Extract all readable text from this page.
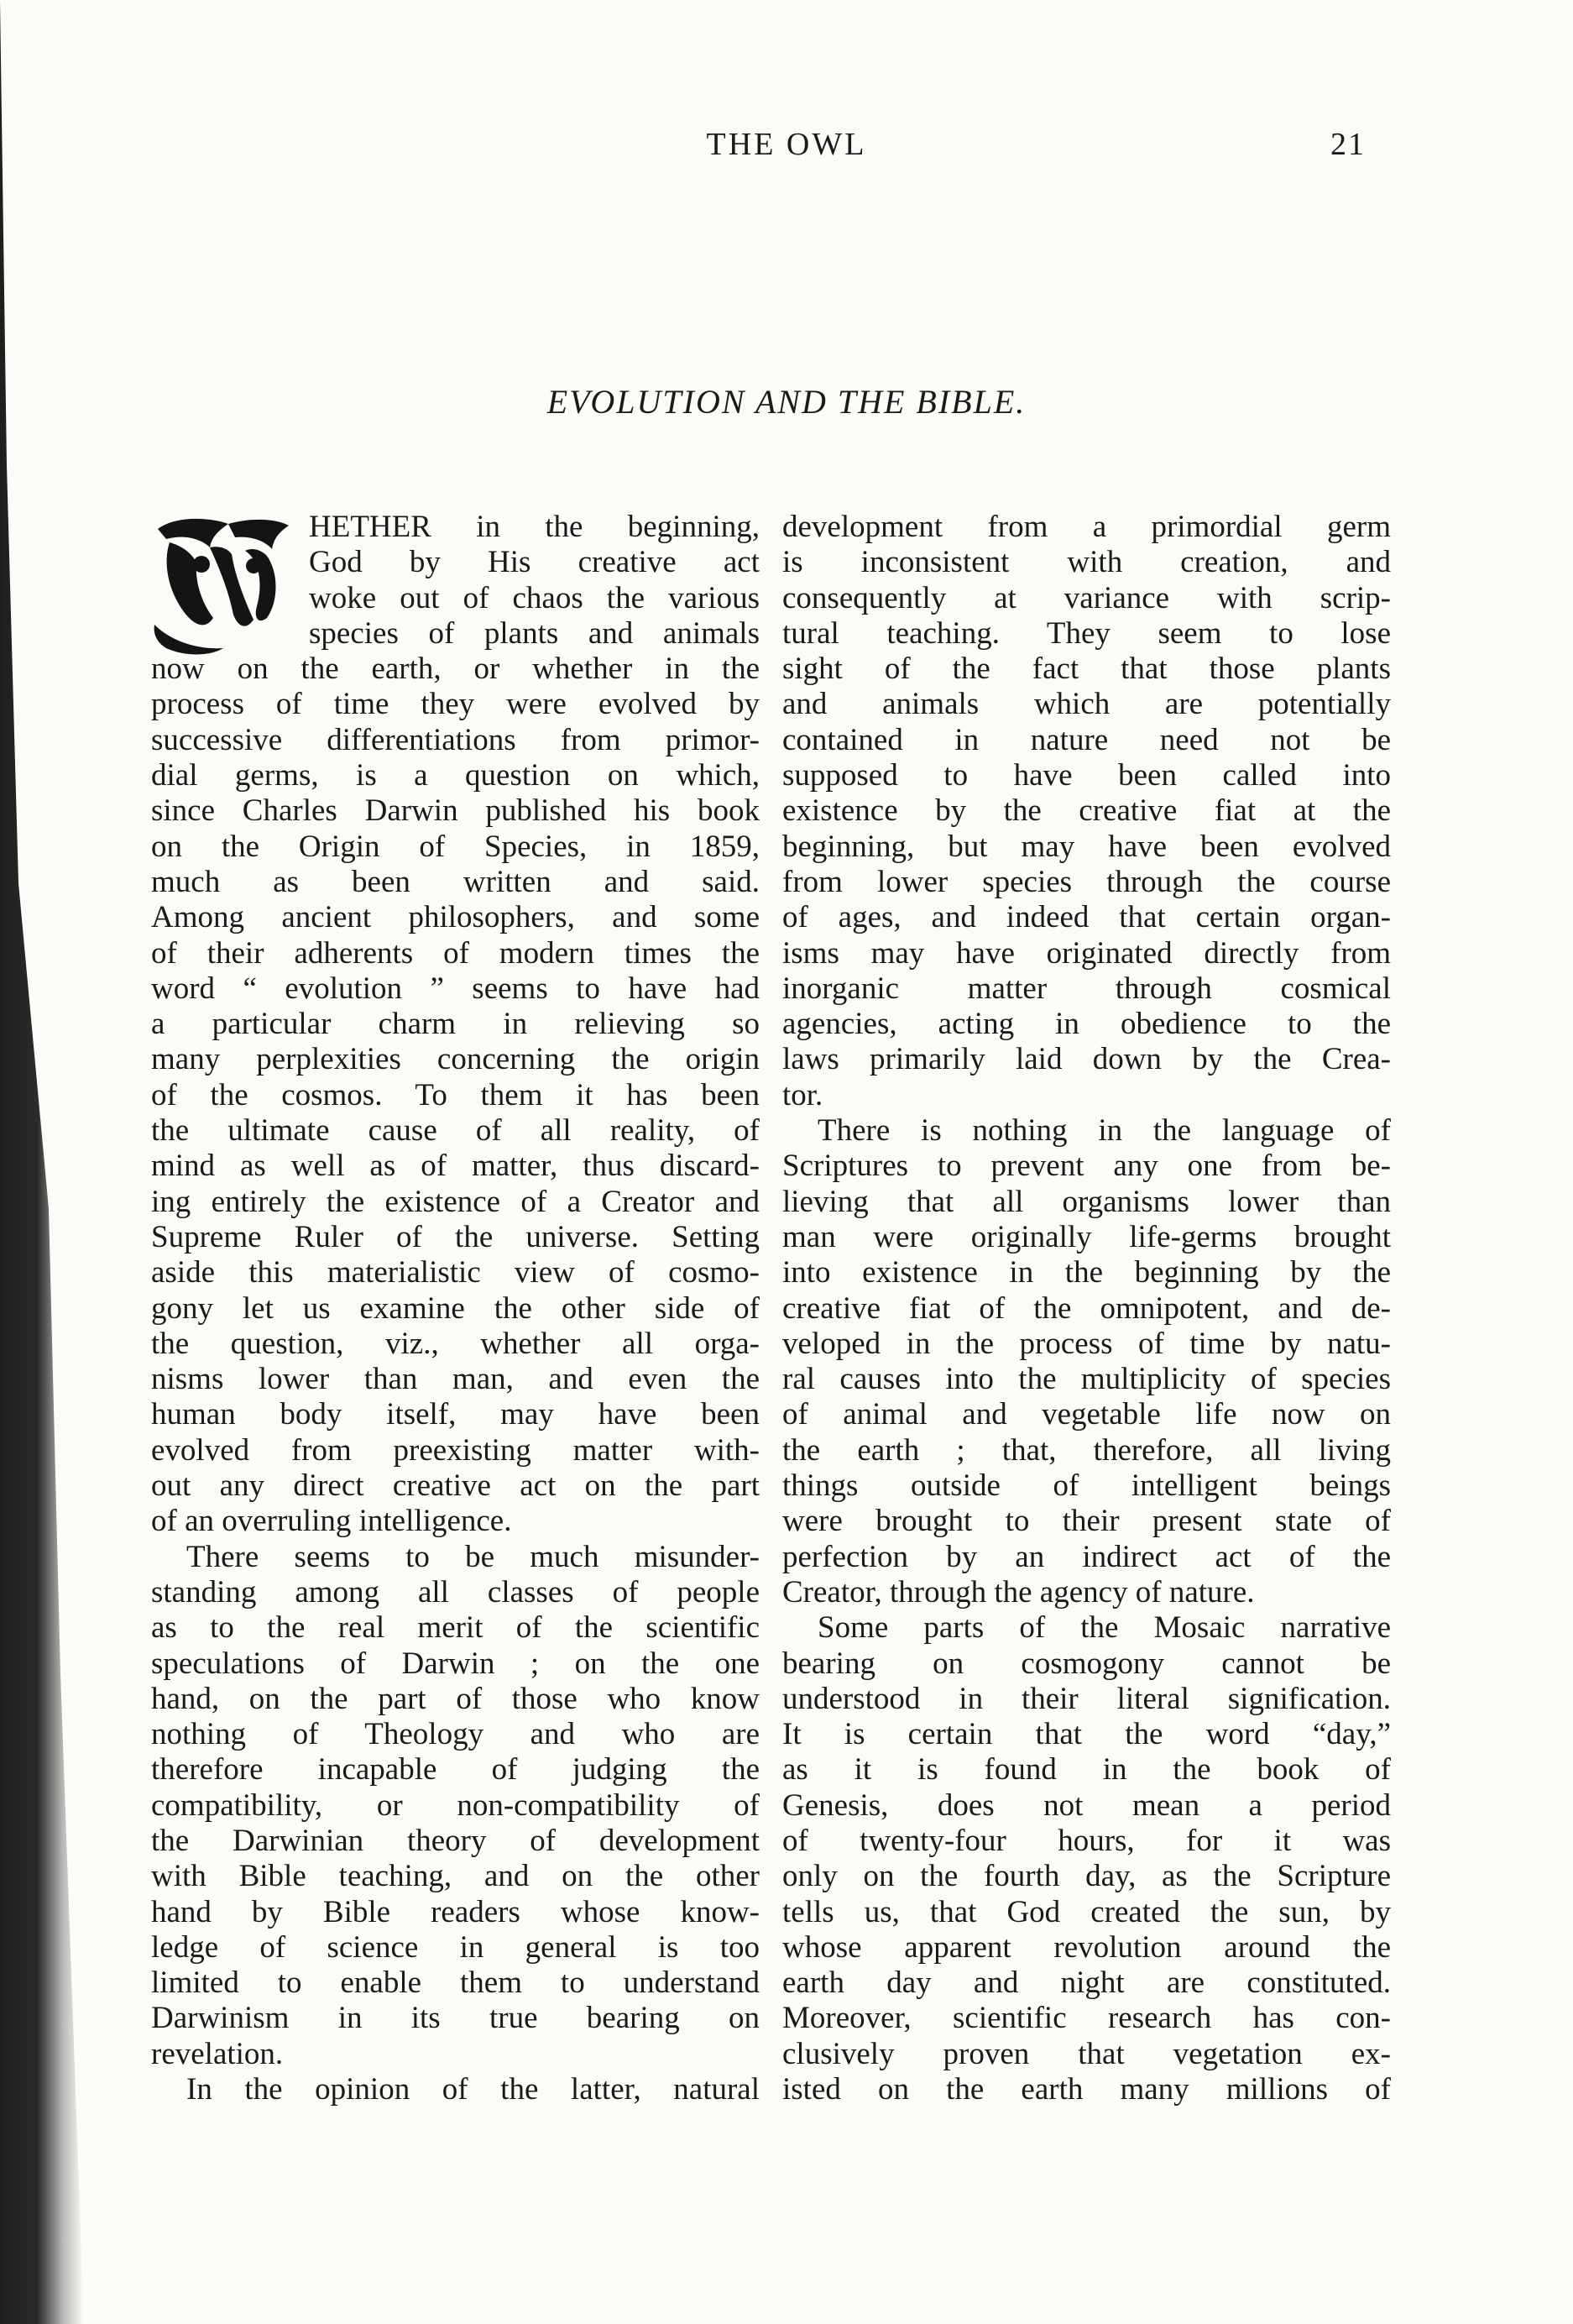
THE OWL	21
EVOLUTION AND THE BIBLE.
HETHER in the beginning,
God by His creative act
woke out of chaos the various
species of plants and animals
now on the earth, or whether in the
process of time they were evolved by
successive differentiations from primor-
dial germs, is a question on which,
since Charles Darwin published his book
on the Origin of Species, in 1859,
much as been written and said.
Among ancient philosophers, and some
of their adherents of modern times the
word “ evolution ” seems to have had
a particular charm in relieving so
many perplexities concerning the origin
of the cosmos. To them it has been
the ultimate cause of all reality, of
mind as well as of matter, thus discard-
ing entirely the existence of a Creator and
Supreme Ruler of the universe. Setting
aside this materialistic view of cosmo-
gony let us examine the other side of
the question, viz., whether all orga-
nisms lower than man, and even the
human body itself, may have been
evolved from preexisting matter with-
out any direct creative act on the part
of an overruling intelligence.
There seems to be much misunder-
standing among all classes of people
as to the real merit of the scientific
speculations of Darwin ; on the one
hand, on the part of those who know
nothing of Theology and who are
therefore incapable of judging the
compatibility, or non-compatibility of
the Darwinian theory of development
with Bible teaching, and on the other
hand by Bible readers whose know-
ledge of science in general is too
limited to enable them to understand
Darwinism in its true bearing on
revelation.
In the opinion of the latter, natural
development from a primordial germ
is inconsistent with creation, and
consequently at variance with scrip-
tural teaching. They seem to lose
sight of the fact that those plants
and animals which are potentially
contained in nature need not be
supposed to have been called into
existence by the creative fiat at the
beginning, but may have been evolved
from lower species through the course
of ages, and indeed that certain organ-
isms may have originated directly from
inorganic matter through cosmical
agencies, acting in obedience to the
laws primarily laid down by the Crea-
tor.
There is nothing in the language of
Scriptures to prevent any one from be-
lieving that all organisms lower than
man were originally life-germs brought
into existence in the beginning by the
creative fiat of the omnipotent, and de-
veloped in the process of time by natu-
ral causes into the multiplicity of species
of animal and vegetable life now on
the earth ; that, therefore, all living
things outside of intelligent beings
were brought to their present state of
perfection by an indirect act of the
Creator, through the agency of nature.
Some parts of the Mosaic narrative
bearing on cosmogony cannot be
understood in their literal signification.
It is certain that the word “day,”
as it is found in the book of
Genesis, does not mean a period
of twenty-four hours, for it was
only on the fourth day, as the Scripture
tells us, that God created the sun, by
whose apparent revolution around the
earth day and night are constituted.
Moreover, scientific research has con-
clusively proven that vegetation ex-
isted on the earth many millions of
